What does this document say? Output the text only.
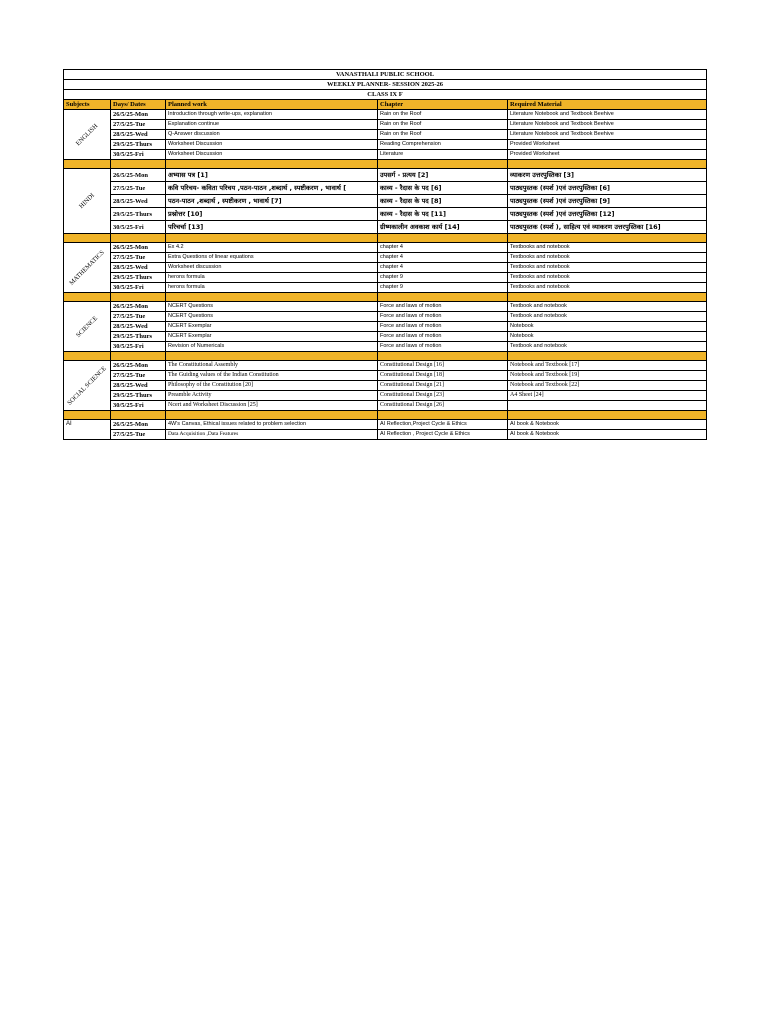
VANASTHALI PUBLIC SCHOOL				
WEEKLY PLANNER- SESSION 2025-26				
CLASS IX F				
Subjects	Days/ Dates	Planned work	Chapter	Required Material

ENGLISH	26/5/25-Mon	Introduction through write-ups, explanation	Rain on the Roof	Literature Notebook and Textbook Beehive
	27/5/25-Tue	Explanation continue	Rain on the Roof	Literature Notebook and Textbook Beehive
	28/5/25-Wed	Q-Answer discussion	Rain on the Roof	Literature Notebook and Textbook Beehive
	29/5/25-Thurs	Worksheet Discussion	Reading Comprehension	Provided Worksheet
	30/5/25-Fri	Worksheet Discussion	Literature	Provided Worksheet

HINDI	26/5/25-Mon	अभ्यास पत्र [1]	उपसर्ग - प्रत्यय [2]	व्याकरण उत्तरपुस्तिका [3]
	27/5/25-Tue	कवि परिचय- कविता परिचय ,पठन-पाठन ,शब्दार्थ , स्पष्टीकरण , भावार्थ [	काव्य - रैदास के पद [6]	पाठ्यपुस्तक (स्पर्श )एवं उत्तरपुस्तिका [6]
	28/5/25-Wed	पठन-पाठन ,शब्दार्थ , स्पष्टीकरण , भावार्थ [7]	काव्य - रैदास के पद [8]	पाठ्यपुस्तक (स्पर्श )एवं उत्तरपुस्तिका [9]
	29/5/25-Thurs	प्रश्नोत्तर [10]	काव्य - रैदास के पद [11]	पाठ्यपुस्तक (स्पर्श )एवं उत्तरपुस्तिका [12]
	30/5/25-Fri	परिचर्चा [13]	ग्रीष्मकालीन अवकाश कार्य [14]	पाठ्यपुस्तक (स्पर्श ), साहित्य एवं व्याकरण उत्तरपुस्तिका [16]

MATHEMATICS	26/5/25-Mon	Ex 4.2	chapter 4	Textbooks and notebook
	27/5/25-Tue	Extra Questions of linear equations	chapter 4	Textbooks and notebook
	28/5/25-Wed	Worksheet discussion	chapter 4	Textbooks and notebook
	29/5/25-Thurs	herons formula	chapter 9	Textbooks and notebook
	30/5/25-Fri	herons formula	chapter 9	Textbooks and notebook

SCIENCE	26/5/25-Mon	NCERT Questions	Force and laws of motion	Textbook and notebook
	27/5/25-Tue	NCERT Questions	Force and laws of motion	Textbook and notebook
	28/5/25-Wed	NCERT Exemplar	Force and laws of motion	Notebook
	29/5/25-Thurs	NCERT Exemplar	Force and laws of motion	Notebook
	30/5/25-Fri	Revision of Numericals	Force and laws of motion	Textbook and notebook

SOCIAL SCIENCE	26/5/25-Mon	The Constitutional Assembly	Constitutional Design [16]	Notebook and Textbook [17]
	27/5/25-Tue	The Guiding values of the Indian Constitution	Constitutional Design [18]	Notebook and Textbook [19]
	28/5/25-Wed	Philosophy of the Constitution [20]	Constitutional Design [21]	Notebook and Textbook [22]
	29/5/25-Thurs	Preamble Activity	Constitutional Design [23]	A4 Sheet [24]
	30/5/25-Fri	Ncert and Worksheet Discussion [25]	Constitutional Design [26]	

AI	26/5/25-Mon	4W's Canvas, Ethical issues related to problem selection	AI Reflection,Project Cycle & Ethics	AI book & Notebook
	27/5/25-Tue	Data Acquisition ,Data Features	AI Reflection , Project Cycle & Ethics	AI book & Notebook
